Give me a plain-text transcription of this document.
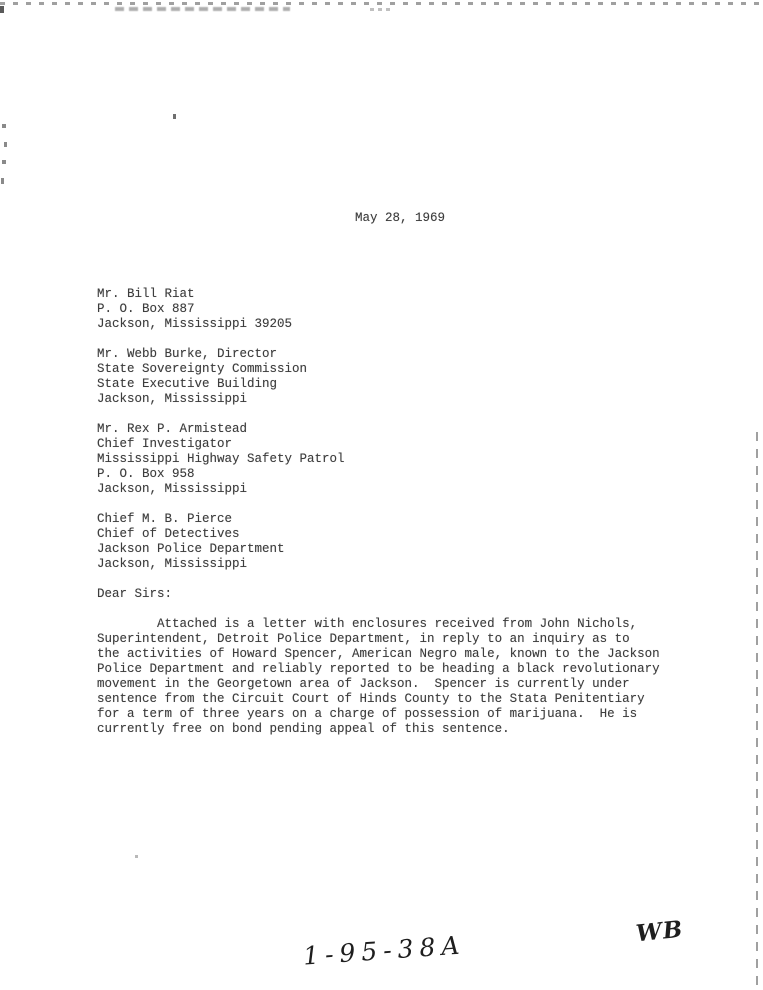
May 28, 1969
Mr. Bill Riat
P. O. Box 887
Jackson, Mississippi 39205
Mr. Webb Burke, Director
State Sovereignty Commission
State Executive Building
Jackson, Mississippi
Mr. Rex P. Armistead
Chief Investigator
Mississippi Highway Safety Patrol
P. O. Box 958
Jackson, Mississippi
Chief M. B. Pierce
Chief of Detectives
Jackson Police Department
Jackson, Mississippi
Dear Sirs:
Attached is a letter with enclosures received from John Nichols,
Superintendent, Detroit Police Department, in reply to an inquiry as to
the activities of Howard Spencer, American Negro male, known to the Jackson
Police Department and reliably reported to be heading a black revolutionary
movement in the Georgetown area of Jackson.  Spencer is currently under
sentence from the Circuit Court of Hinds County to the Stata Penitentiary
for a term of three years on a charge of possession of marijuana.  He is
currently free on bond pending appeal of this sentence.
1-95-38A	WB
